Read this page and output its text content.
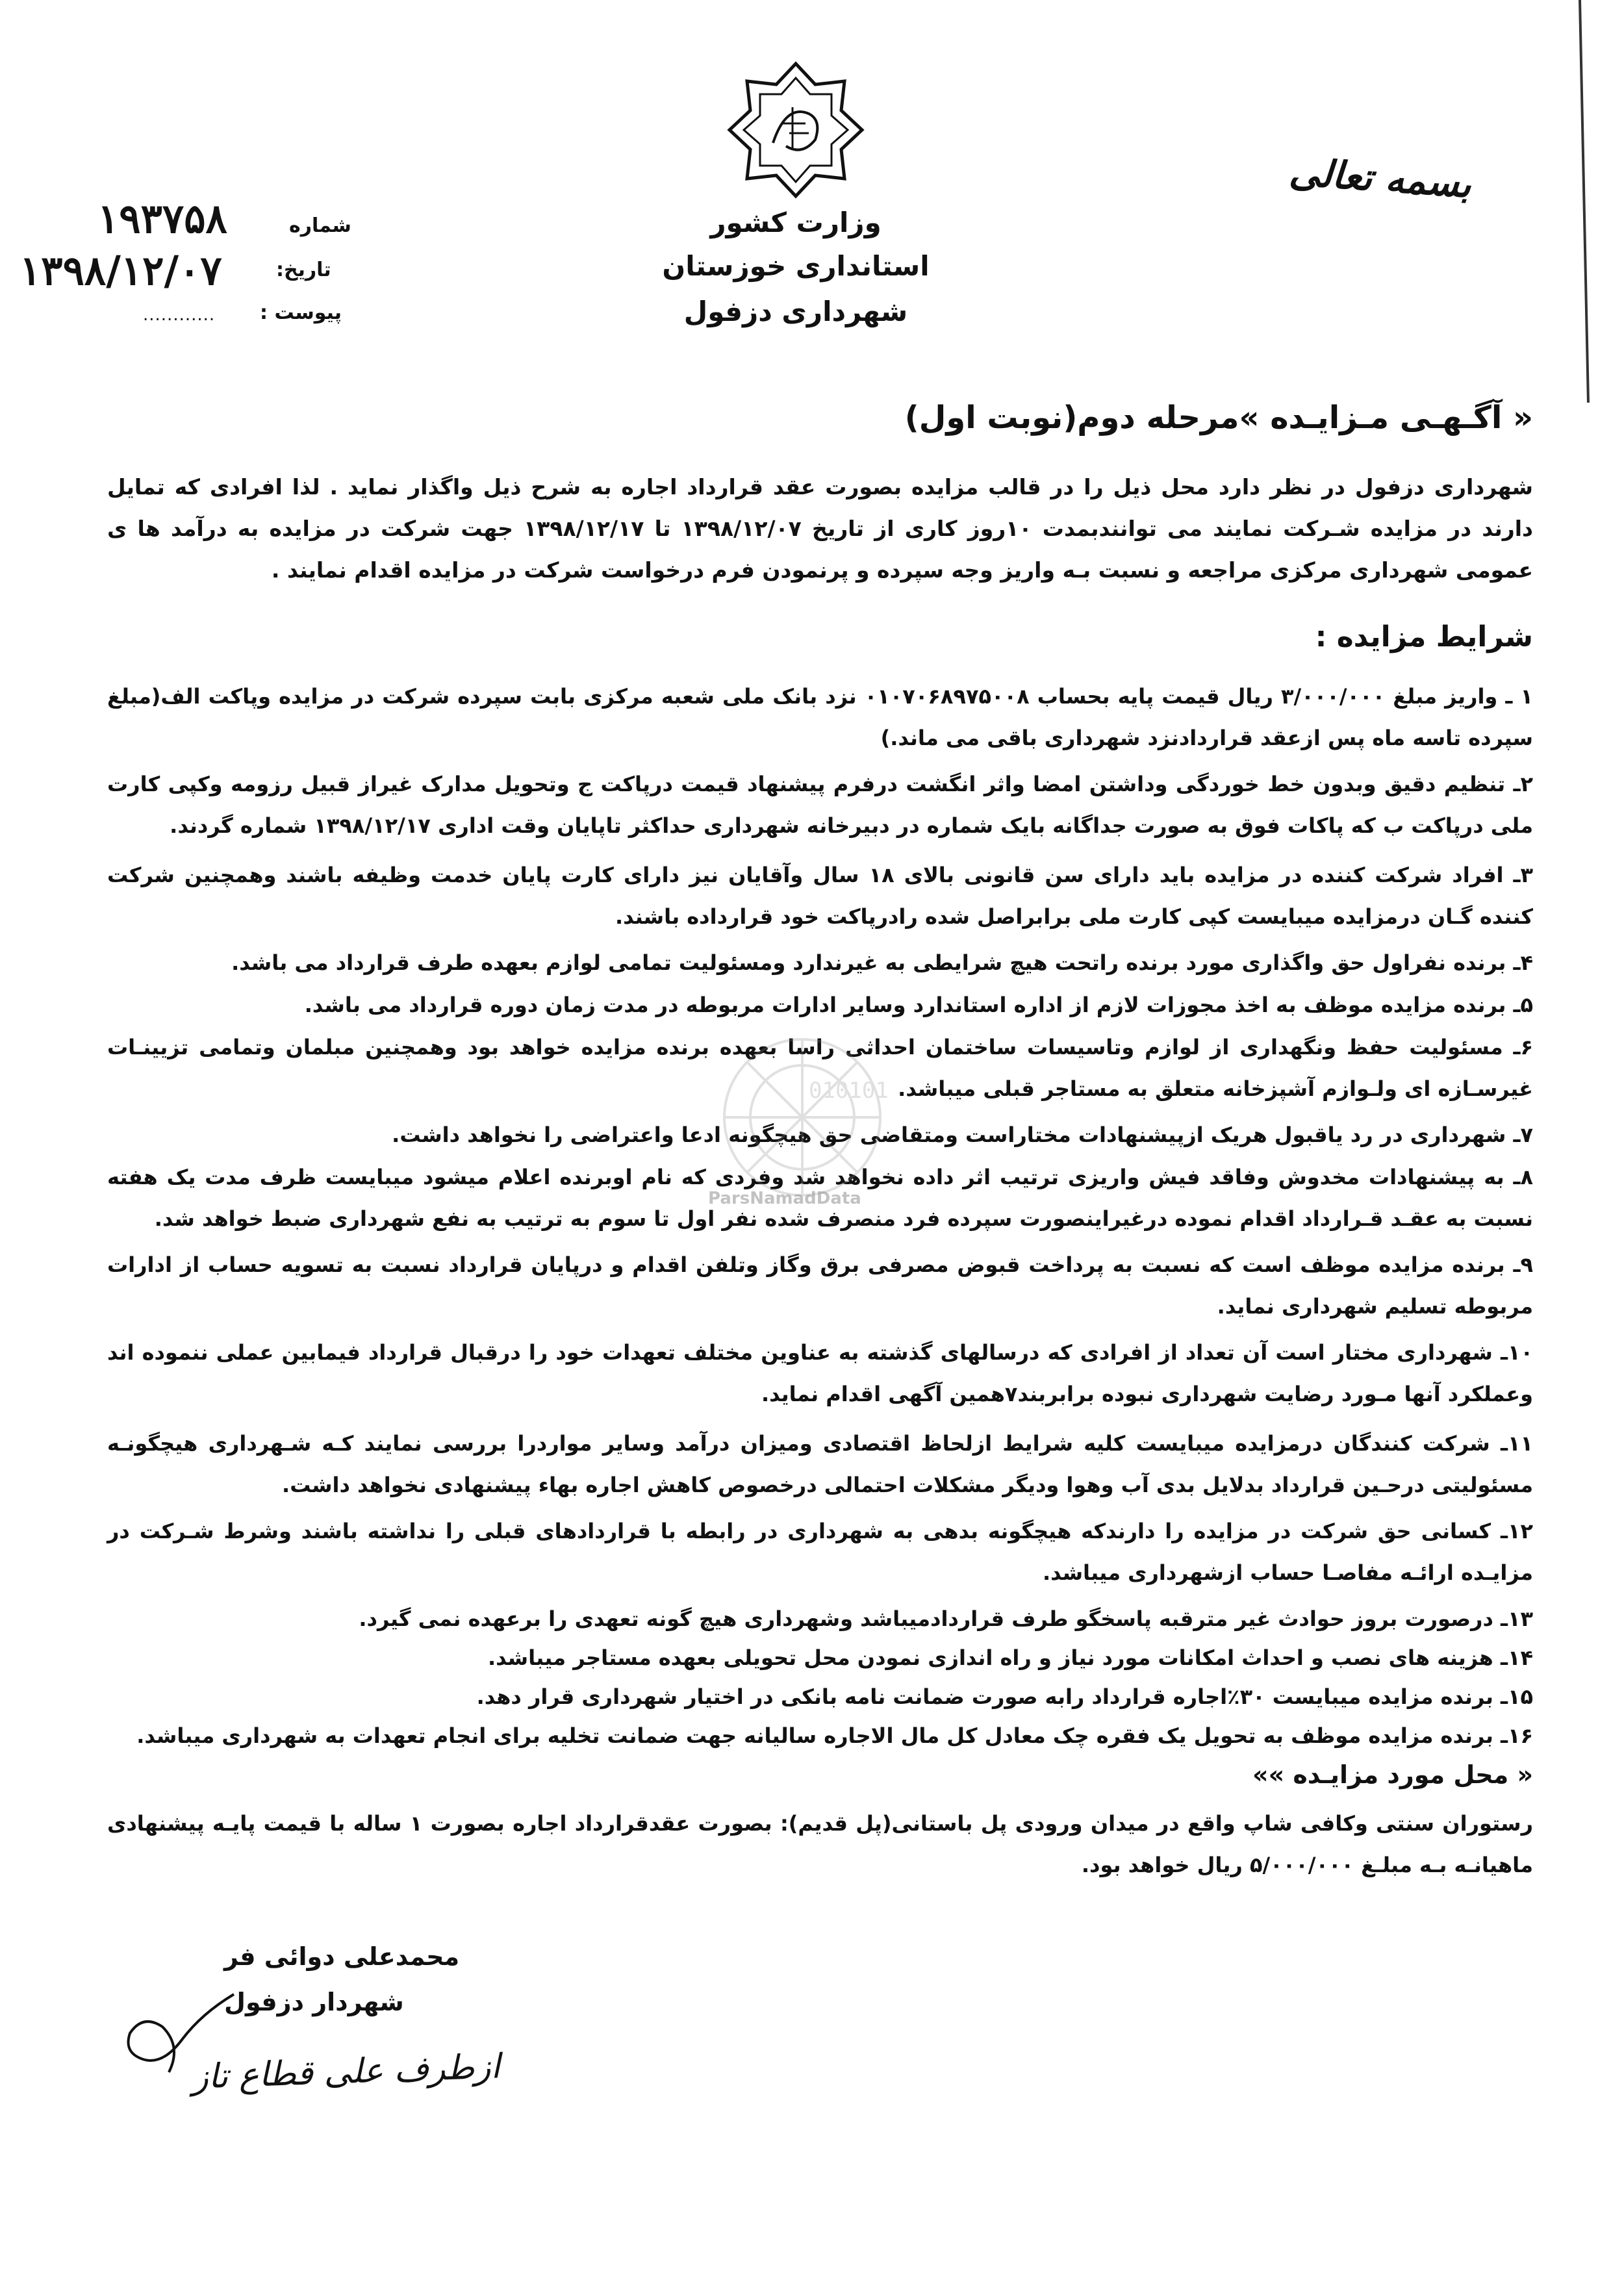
وزارت کشور
استانداری خوزستان
شهرداری دزفول
بسمه تعالی
شماره
۱۹۳۷۵۸
تاریخ:
۱۳۹۸/۱۲/۰۷
پیوست :
............
« آگـهـی مـزایـده »مرحله دوم(نوبت اول)
شهرداری دزفول در نظر دارد محل ذیل را در قالب مزایده بصورت عقد قرارداد اجاره به شرح ذیل واگذار نماید . لذا افرادی که تمایل دارند در مزایده شـرکت نمایند می توانندبمدت ۱۰روز کاری از تاریخ ۱۳۹۸/۱۲/۰۷ تا ۱۳۹۸/۱۲/۱۷ جهت شرکت در مزایده به درآمد ها ی عمومی شهرداری مرکزی مراجعه و نسبت بـه واریز وجه سپرده و پرنمودن فرم درخواست شرکت در مزایده اقدام نمایند .
شرایط مزایده :
۱ ـ واریز مبلغ ۳/۰۰۰/۰۰۰ ریال قیمت پایه بحساب ۰۱۰۷۰۶۸۹۷۵۰۰۸ نزد بانک ملی شعبه مرکزی بابت سپرده شرکت در مزایده وپاکت الف(مبلغ سپرده تاسه ماه پس ازعقد قراردادنزد شهرداری باقی می ماند.)
۲ـ تنظیم دقیق وبدون خط خوردگی وداشتن امضا واثر انگشت درفرم پیشنهاد قیمت درپاکت ج وتحویل مدارک غیراز قبیل رزومه وکپی کارت ملی درپاکت ب که پاکات فوق به صورت جداگانه بایک شماره در دبیرخانه شهرداری حداکثر تاپایان وقت اداری ۱۳۹۸/۱۲/۱۷ شماره گردند.
۳ـ افراد شرکت کننده در مزایده باید دارای سن قانونی بالای ۱۸ سال وآقایان نیز دارای کارت پایان خدمت وظیفه باشند وهمچنین شرکت کننده گـان درمزایده میبایست کپی کارت ملی برابراصل شده رادرپاکت خود قرارداده باشند.
۴ـ برنده نفراول حق واگذاری مورد برنده راتحت هیچ شرایطی به غیرندارد ومسئولیت تمامی لوازم بعهده طرف قرارداد می باشد.
۵ـ برنده مزایده موظف به اخذ مجوزات لازم از اداره استاندارد وسایر ادارات مربوطه در مدت زمان دوره قرارداد می باشد.
۶ـ مسئولیت حفظ ونگهداری از لوازم وتاسیسات ساختمان احداثی راسا بعهده برنده مزایده خواهد بود وهمچنین مبلمان وتمامی تزیینـات غیرسـازه ای ولـوازم آشپزخانه متعلق به مستاجر قبلی میباشد.
۷ـ شهرداری در رد یاقبول هریک ازپیشنهادات مختاراست ومتقاضی حق هیچگونه ادعا واعتراضی را نخواهد داشت.
۸ـ به پیشنهادات مخدوش وفاقد فیش واریزی ترتیب اثر داده نخواهد شد وفردی که نام اوبرنده اعلام میشود میبایست ظرف مدت یک هفته نسبت به عقـد قـرارداد اقدام نموده درغیراینصورت سپرده فرد منصرف شده نفر اول تا سوم به ترتیب به نفع شهرداری ضبط خواهد شد.
۹ـ برنده مزایده موظف است که نسبت به پرداخت قبوض مصرفی برق وگاز وتلفن اقدام و درپایان قرارداد نسبت به تسویه حساب از ادارات مربوطه تسلیم شهرداری نماید.
۱۰ـ شهرداری مختار است آن تعداد از افرادی که درسالهای گذشته به عناوین مختلف تعهدات خود را درقبال قرارداد فیمابین عملی ننموده اند وعملکرد آنها مـورد رضایت شهرداری نبوده برابربند۷همین آگهی اقدام نماید.
۱۱ـ شرکت کنندگان درمزایده میبایست کلیه شرایط ازلحاظ اقتصادی ومیزان درآمد وسایر مواردرا بررسی نمایند کـه شـهرداری هیچگونـه مسئولیتی درحـین قرارداد بدلایل بدی آب وهوا ودیگر مشکلات احتمالی درخصوص کاهش اجاره بهاء پیشنهادی نخواهد داشت.
۱۲ـ کسانی حق شرکت در مزایده را دارندکه هیچگونه بدهی به شهرداری در رابطه با قراردادهای قبلی را نداشته باشند وشرط شـرکت در مزایـده ارائـه مفاصـا حساب ازشهرداری میباشد.
۱۳ـ درصورت بروز حوادث غیر مترقبه پاسخگو طرف قراردادمیباشد وشهرداری هیچ گونه تعهدی را برعهده نمی گیرد.
۱۴ـ هزینه های نصب و احداث امکانات مورد نیاز و راه اندازی نمودن محل تحویلی بعهده مستاجر میباشد.
۱۵ـ برنده مزایده میبایست ۳۰٪اجاره قرارداد رابه صورت ضمانت نامه بانکی در اختیار شهرداری قرار دهد.
۱۶ـ برنده مزایده موظف به تحویل یک فقره چک معادل کل مال الاجاره سالیانه جهت ضمانت تخلیه برای انجام تعهدات به شهرداری میباشد.
« محل مورد مزایـده »»
رستوران سنتی وکافی شاپ واقع در میدان ورودی پل باستانی(پل قدیم): بصورت عقدقرارداد اجاره بصورت ۱ ساله با قیمت پایـه پیشنهادی ماهیانـه بـه مبلـغ ۵/۰۰۰/۰۰۰ ریال خواهد بود.
010101
ParsNamadData
محمدعلی دوائی فر
شهردار دزفول
ازطرف علی قطاع تاز
